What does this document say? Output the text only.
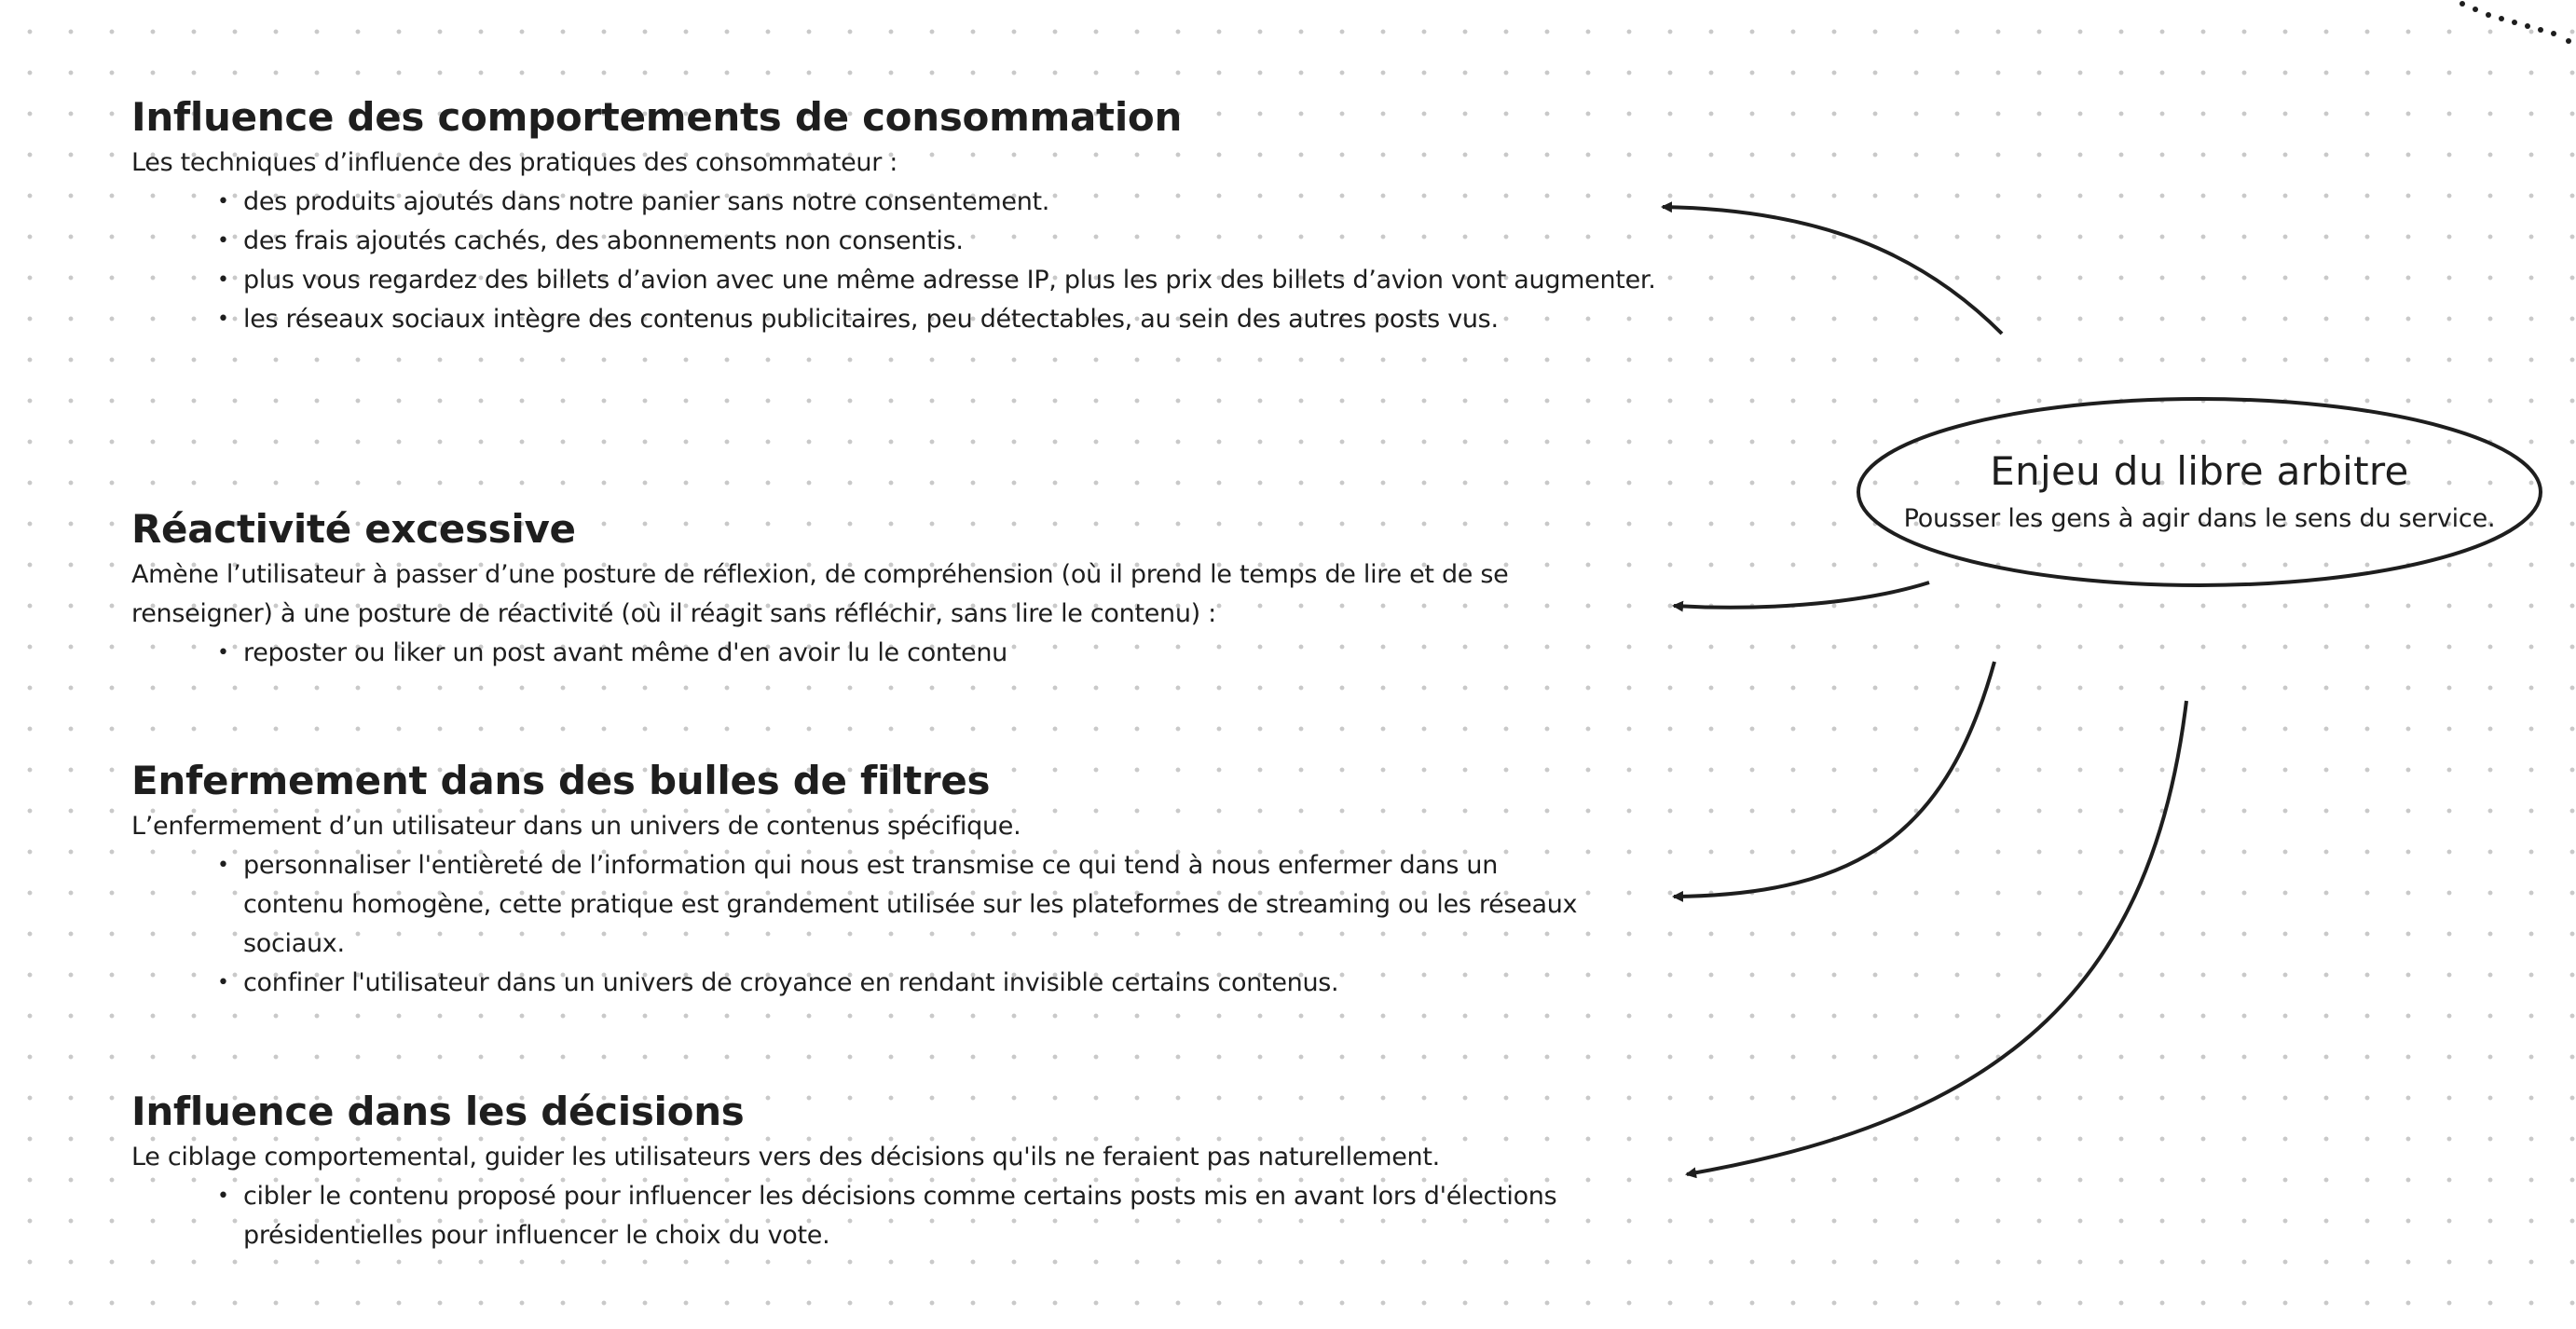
Enjeu du libre arbitre
Pousser les gens à agir dans le sens du service.
Influence des comportements de consommation

Les techniques d’influence des pratiques des consommateur :

• des produits ajoutés dans notre panier sans notre consentement.
• des frais ajoutés cachés, des abonnements non consentis.
• plus vous regardez des billets d’avion avec une même adresse IP, plus les prix des billets d’avion vont augmenter.
• les réseaux sociaux intègre des contenus publicitaires, peu détectables, au sein des autres posts vus.
Réactivité excessive

Amène l’utilisateur à passer d’une posture de réflexion, de compréhension (où il prend le temps de lire et de se renseigner) à une posture de réactivité (où il réagit sans réfléchir, sans lire le contenu) :

• reposter ou liker un post avant même d'en avoir lu le contenu
Enfermement dans des bulles de filtres

L’enfermement d’un utilisateur dans un univers de contenus spécifique.

• personnaliser l'entièreté de l’information qui nous est transmise ce qui tend à nous enfermer dans un contenu homogène, cette pratique est grandement utilisée sur les plateformes de streaming ou les réseaux sociaux.
• confiner l'utilisateur dans un univers de croyance en rendant invisible certains contenus.
Influence dans les décisions

Le ciblage comportemental, guider les utilisateurs vers des décisions qu'ils ne feraient pas naturellement.

• cibler le contenu proposé pour influencer les décisions comme certains posts mis en avant lors d'élections présidentielles pour influencer le choix du vote.
